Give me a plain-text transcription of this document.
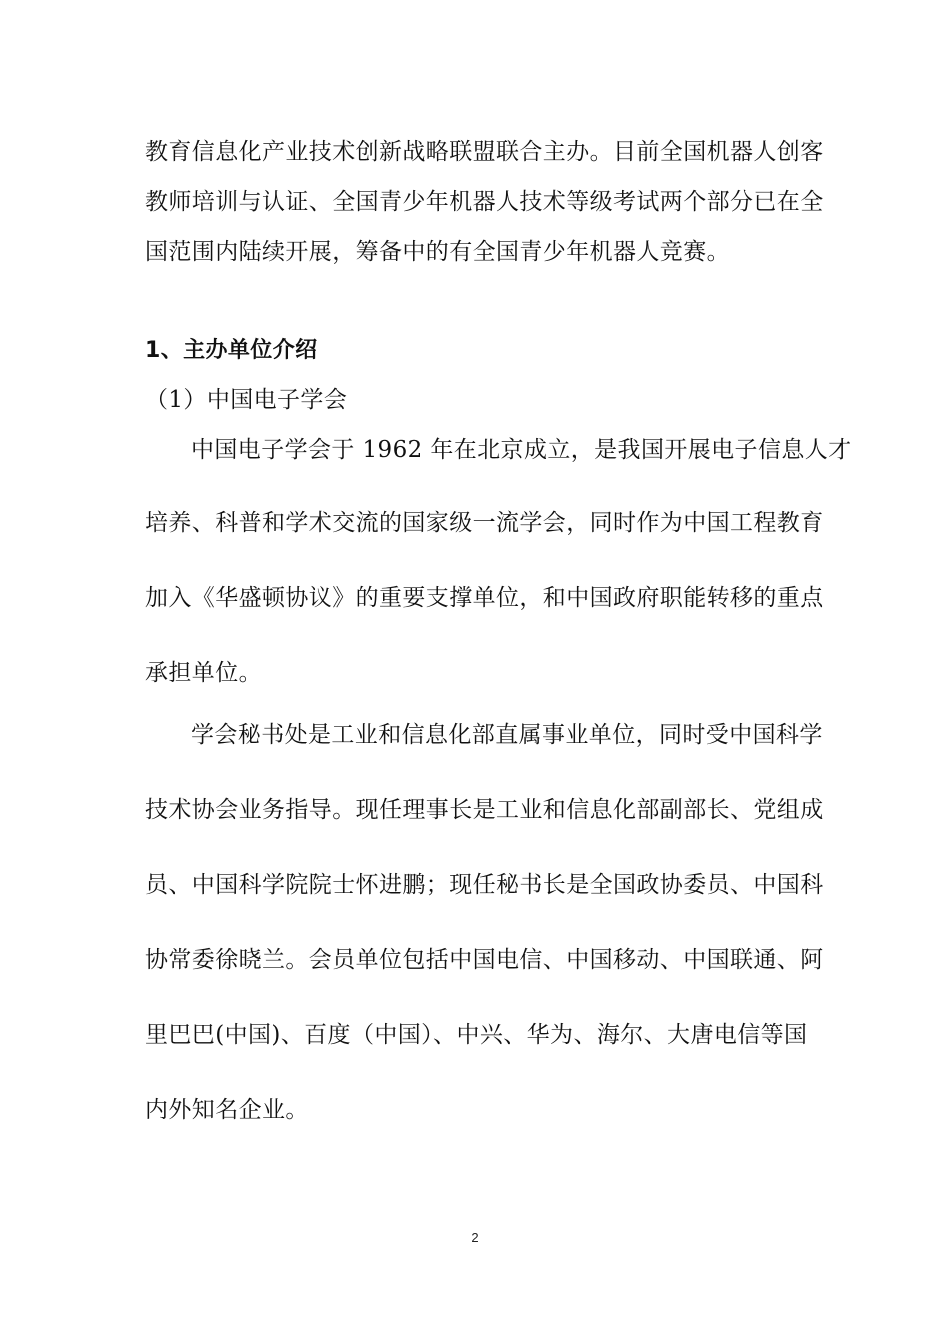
教育信息化产业技术创新战略联盟联合主办。目前全国机器人创客

教师培训与认证、全国青少年机器人技术等级考试两个部分已在全

国范围内陆续开展，筹备中的有全国青少年机器人竞赛。

1、主办单位介绍

（1）中国电子学会

中国电子学会于 1962 年在北京成立，是我国开展电子信息人才

培养、科普和学术交流的国家级一流学会，同时作为中国工程教育

加入《华盛顿协议》的重要支撑单位，和中国政府职能转移的重点

承担单位。

学会秘书处是工业和信息化部直属事业单位，同时受中国科学

技术协会业务指导。现任理事长是工业和信息化部副部长、党组成

员、中国科学院院士怀进鹏；现任秘书长是全国政协委员、中国科

协常委徐晓兰。会员单位包括中国电信、中国移动、中国联通、阿

里巴巴(中国)、百度（中国）、中兴、华为、海尔、大唐电信等国

内外知名企业。

2
